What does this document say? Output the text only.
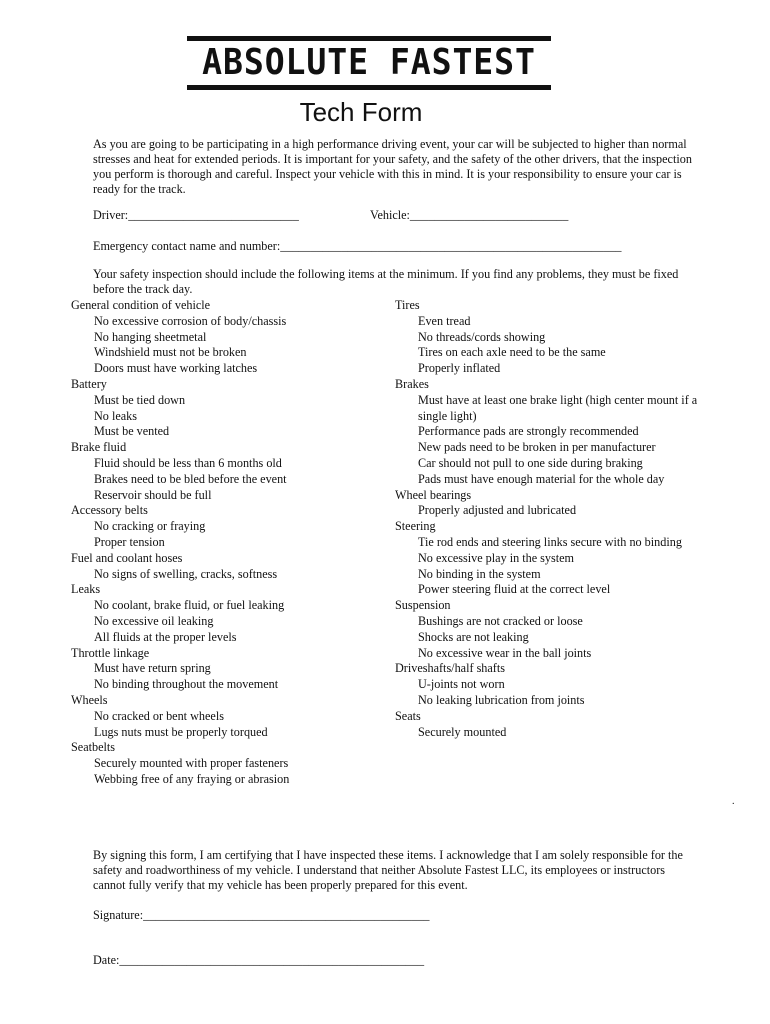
ABSOLUTE FASTEST
Tech Form
As you are going to be participating in a high performance driving event, your car will be subjected to higher than normal stresses and heat for extended periods. It is important for your safety, and the safety of the other drivers, that the inspection you perform is thorough and careful. Inspect your vehicle with this in mind. It is your responsibility to ensure your car is ready for the track.
Driver:____________________________	Vehicle:__________________________
Emergency contact name and number:________________________________________________________
Your safety inspection should include the following items at the minimum. If you find any problems, they must be fixed before the track day.
General condition of vehicle
No excessive corrosion of body/chassis
No hanging sheetmetal
Windshield must not be broken
Doors must have working latches
Battery
Must be tied down
No leaks
Must be vented
Brake fluid
Fluid should be less than 6 months old
Brakes need to be bled before the event
Reservoir should be full
Accessory belts
No cracking or fraying
Proper tension
Fuel and coolant hoses
No signs of swelling, cracks, softness
Leaks
No coolant, brake fluid, or fuel leaking
No excessive oil leaking
All fluids at the proper levels
Throttle linkage
Must have return spring
No binding throughout the movement
Wheels
No cracked or bent wheels
Lugs nuts must be properly torqued
Seatbelts
Securely mounted with proper fasteners
Webbing free of any fraying or abrasion
Tires
Even tread
No threads/cords showing
Tires on each axle need to be the same
Properly inflated
Brakes
Must have at least one brake light (high center mount if a
single light)
Performance pads are strongly recommended
New pads need to be broken in per manufacturer
Car should not pull to one side during braking
Pads must have enough material for the whole day
Wheel bearings
Properly adjusted and lubricated
Steering
Tie rod ends and steering links secure with no binding
No excessive play in the system
No binding in the system
Power steering fluid at the correct level
Suspension
Bushings are not cracked or loose
Shocks are not leaking
No excessive wear in the ball joints
Driveshafts/half shafts
U-joints not worn
No leaking lubrication from joints
Seats
Securely mounted
.
By signing this form, I am certifying that I have inspected these items. I acknowledge that I am solely responsible for the safety and roadworthiness of my vehicle. I understand that neither Absolute Fastest LLC, its employees or instructors cannot fully verify that my vehicle has been properly prepared for this event.
Signature:_______________________________________________
Date:__________________________________________________
